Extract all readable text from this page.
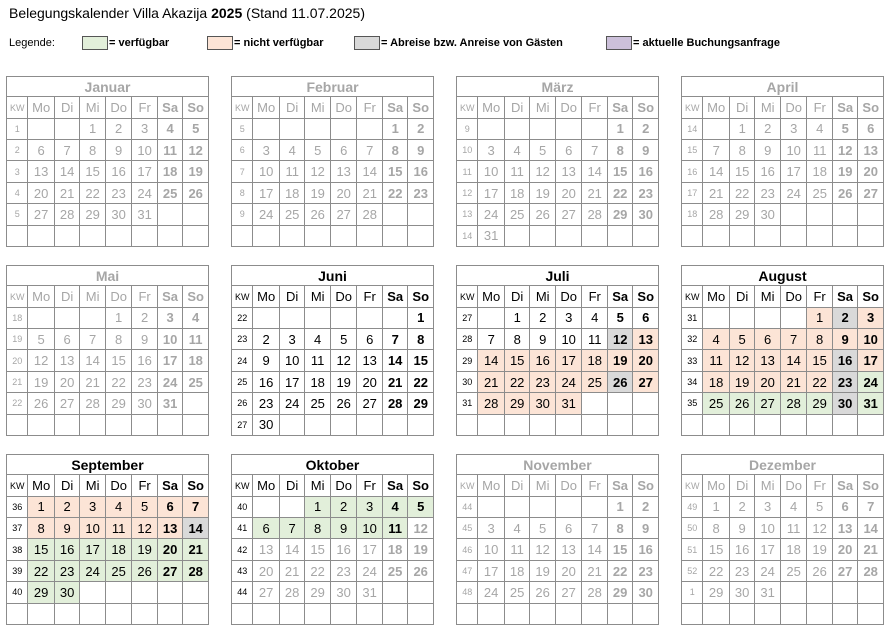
Belegungskalender Villa Akazija 2025 (Stand 11.07.2025)
Legende:	= verfügbar	= nicht verfügbar	= Abreise bzw. Anreise von Gästen	= aktuelle Buchungsanfrage
Januar							
KW	Mo	Di	Mi	Do	Fr	Sa	So
1			1	2	3	4	5
2	6	7	8	9	10	11	12
3	13	14	15	16	17	18	19
4	20	21	22	23	24	25	26
5	27	28	29	30	31		

Februar							
KW	Mo	Di	Mi	Do	Fr	Sa	So
5						1	2
6	3	4	5	6	7	8	9
7	10	11	12	13	14	15	16
8	17	18	19	20	21	22	23
9	24	25	26	27	28		

März							
KW	Mo	Di	Mi	Do	Fr	Sa	So
9						1	2
10	3	4	5	6	7	8	9
11	10	11	12	13	14	15	16
12	17	18	19	20	21	22	23
13	24	25	26	27	28	29	30
14	31						
April							
KW	Mo	Di	Mi	Do	Fr	Sa	So
14		1	2	3	4	5	6
15	7	8	9	10	11	12	13
16	14	15	16	17	18	19	20
17	21	22	23	24	25	26	27
18	28	29	30				

Mai							
KW	Mo	Di	Mi	Do	Fr	Sa	So
18				1	2	3	4
19	5	6	7	8	9	10	11
20	12	13	14	15	16	17	18
21	19	20	21	22	23	24	25
22	26	27	28	29	30	31	

Juni							
KW	Mo	Di	Mi	Do	Fr	Sa	So
22							1
23	2	3	4	5	6	7	8
24	9	10	11	12	13	14	15
25	16	17	18	19	20	21	22
26	23	24	25	26	27	28	29
27	30						
Juli							
KW	Mo	Di	Mi	Do	Fr	Sa	So
27		1	2	3	4	5	6
28	7	8	9	10	11	12	13
29	14	15	16	17	18	19	20
30	21	22	23	24	25	26	27
31	28	29	30	31			

August							
KW	Mo	Di	Mi	Do	Fr	Sa	So
31					1	2	3
32	4	5	6	7	8	9	10
33	11	12	13	14	15	16	17
34	18	19	20	21	22	23	24
35	25	26	27	28	29	30	31

September							
KW	Mo	Di	Mi	Do	Fr	Sa	So
36	1	2	3	4	5	6	7
37	8	9	10	11	12	13	14
38	15	16	17	18	19	20	21
39	22	23	24	25	26	27	28
40	29	30					

Oktober							
KW	Mo	Di	Mi	Do	Fr	Sa	So
40			1	2	3	4	5
41	6	7	8	9	10	11	12
42	13	14	15	16	17	18	19
43	20	21	22	23	24	25	26
44	27	28	29	30	31		

November							
KW	Mo	Di	Mi	Do	Fr	Sa	So
44						1	2
45	3	4	5	6	7	8	9
46	10	11	12	13	14	15	16
47	17	18	19	20	21	22	23
48	24	25	26	27	28	29	30

Dezember							
KW	Mo	Di	Mi	Do	Fr	Sa	So
49	1	2	3	4	5	6	7
50	8	9	10	11	12	13	14
51	15	16	17	18	19	20	21
52	22	23	24	25	26	27	28
1	29	30	31				
